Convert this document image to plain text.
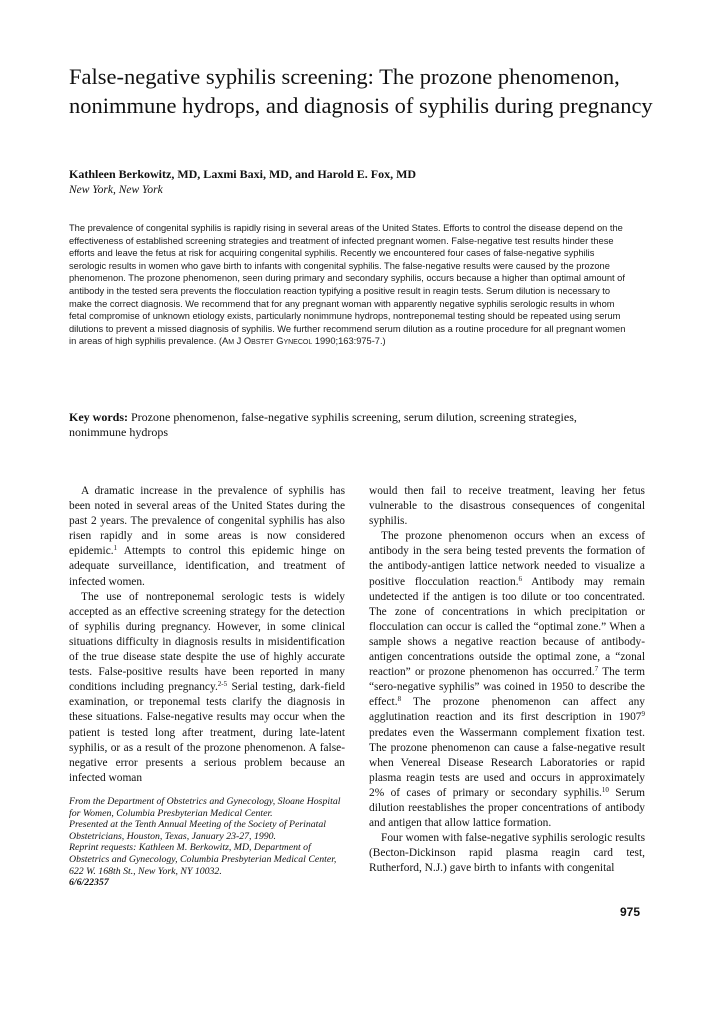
False-negative syphilis screening: The prozone phenomenon, nonimmune hydrops, and diagnosis of syphilis during pregnancy

Kathleen Berkowitz, MD, Laxmi Baxi, MD, and Harold E. Fox, MD

New York, New York

The prevalence of congenital syphilis is rapidly rising in several areas of the United States. Efforts to control the disease depend on the effectiveness of established screening strategies and treatment of infected pregnant women. False-negative test results hinder these efforts and leave the fetus at risk for acquiring congenital syphilis. Recently we encountered four cases of false-negative syphilis serologic results in women who gave birth to infants with congenital syphilis. The false-negative results were caused by the prozone phenomenon. The prozone phenomenon, seen during primary and secondary syphilis, occurs because a higher than optimal amount of antibody in the tested sera prevents the flocculation reaction typifying a positive result in reagin tests. Serum dilution is necessary to make the correct diagnosis. We recommend that for any pregnant woman with apparently negative syphilis serologic results in whom fetal compromise of unknown etiology exists, particularly nonimmune hydrops, nontreponemal testing should be repeated using serum dilutions to prevent a missed diagnosis of syphilis. We further recommend serum dilution as a routine procedure for all pregnant women in areas of high syphilis prevalence. (Am J Obstet Gynecol 1990;163:975-7.)

Key words: Prozone phenomenon, false-negative syphilis screening, serum dilution, screening strategies, nonimmune hydrops

A dramatic increase in the prevalence of syphilis has been noted in several areas of the United States during the past 2 years. The prevalence of congenital syphilis has also risen rapidly and in some areas is now considered epidemic.$^1$ Attempts to control this epidemic hinge on adequate surveillance, identification, and treatment of infected women.

The use of nontreponemal serologic tests is widely accepted as an effective screening strategy for the detection of syphilis during pregnancy. However, in some clinical situations difficulty in diagnosis results in misidentification of the true disease state despite the use of highly accurate tests. False-positive results have been reported in many conditions including pregnancy.$^{2-5}$ Serial testing, dark-field examination, or treponemal tests clarify the diagnosis in these situations. False-negative results may occur when the patient is tested long after treatment, during late-latent syphilis, or as a result of the prozone phenomenon. A false-negative error presents a serious problem because an infected woman

would then fail to receive treatment, leaving her fetus vulnerable to the disastrous consequences of congenital syphilis.

The prozone phenomenon occurs when an excess of antibody in the sera being tested prevents the formation of the antibody-antigen lattice network needed to visualize a positive flocculation reaction.$^6$ Antibody may remain undetected if the antigen is too dilute or too concentrated. The zone of concentrations in which precipitation or flocculation can occur is called the “optimal zone.” When a sample shows a negative reaction because of antibody-antigen concentrations outside the optimal zone, a “zonal reaction” or prozone phenomenon has occurred.$^7$ The term “sero-negative syphilis” was coined in 1950 to describe the effect.$^8$ The prozone phenomenon can affect any agglutination reaction and its first description in 1907$^9$ predates even the Wassermann complement fixation test. The prozone phenomenon can cause a false-negative result when Venereal Disease Research Laboratories or rapid plasma reagin tests are used and occurs in approximately 2% of cases of primary or secondary syphilis.$^{10}$ Serum dilution reestablishes the proper concentrations of antibody and antigen that allow lattice formation.

Four women with false-negative syphilis serologic results (Becton-Dickinson rapid plasma reagin card test, Rutherford, N.J.) gave birth to infants with congenital

From the Department of Obstetrics and Gynecology, Sloane Hospital for Women, Columbia Presbyterian Medical Center.
Presented at the Tenth Annual Meeting of the Society of Perinatal Obstetricians, Houston, Texas, January 23-27, 1990.
Reprint requests: Kathleen M. Berkowitz, MD, Department of Obstetrics and Gynecology, Columbia Presbyterian Medical Center, 622 W. 168th St., New York, NY 10032.
6/6/22357
975
